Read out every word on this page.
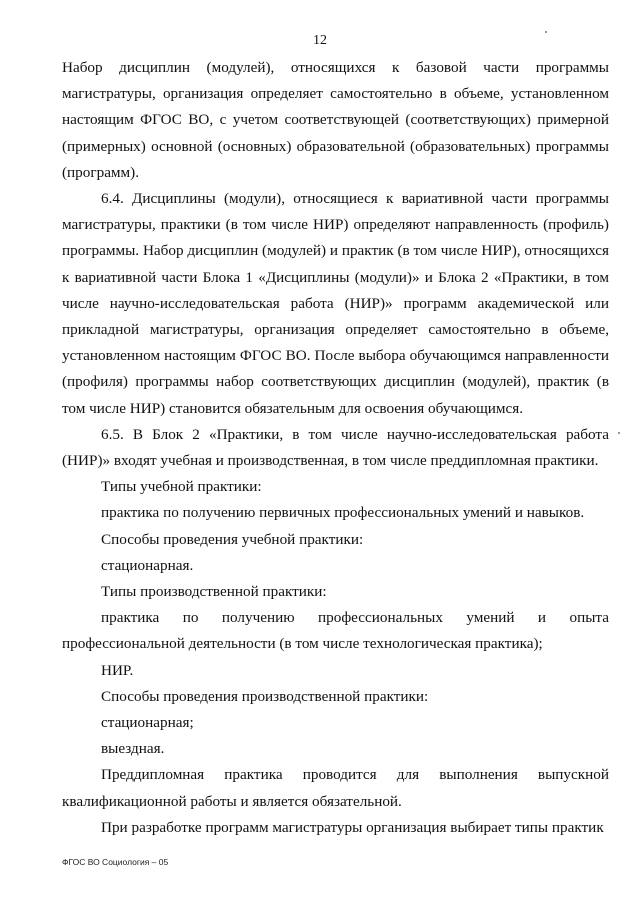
12

Набор дисциплин (модулей), относящихся к базовой части программы магистратуры, организация определяет самостоятельно в объеме, установленном настоящим ФГОС ВО, с учетом соответствующей (соответствующих) примерной (примерных) основной (основных) образовательной (образовательных) программы (программ).

6.4. Дисциплины (модули), относящиеся к вариативной части программы магистратуры, практики (в том числе НИР) определяют направленность (профиль) программы. Набор дисциплин (модулей) и практик (в том числе НИР), относящихся к вариативной части Блока 1 «Дисциплины (модули)» и Блока 2 «Практики, в том числе научно-исследовательская работа (НИР)» программ академической или прикладной магистратуры, организация определяет самостоятельно в объеме, установленном настоящим ФГОС ВО. После выбора обучающимся направленности (профиля) программы набор соответствующих дисциплин (модулей), практик (в том числе НИР) становится обязательным для освоения обучающимся.

6.5. В Блок 2 «Практики, в том числе научно-исследовательская работа (НИР)» входят учебная и производственная, в том числе преддипломная практики.

Типы учебной практики:

практика по получению первичных профессиональных умений и навыков.

Способы проведения учебной практики:

стационарная.

Типы производственной практики:

практика по получению профессиональных умений и опыта профессиональной деятельности (в том числе технологическая практика);

НИР.

Способы проведения производственной практики:

стационарная;

выездная.

Преддипломная практика проводится для выполнения выпускной квалификационной работы и является обязательной.

При разработке программ магистратуры организация выбирает типы практик

ФГОС ВО Социология – 05
